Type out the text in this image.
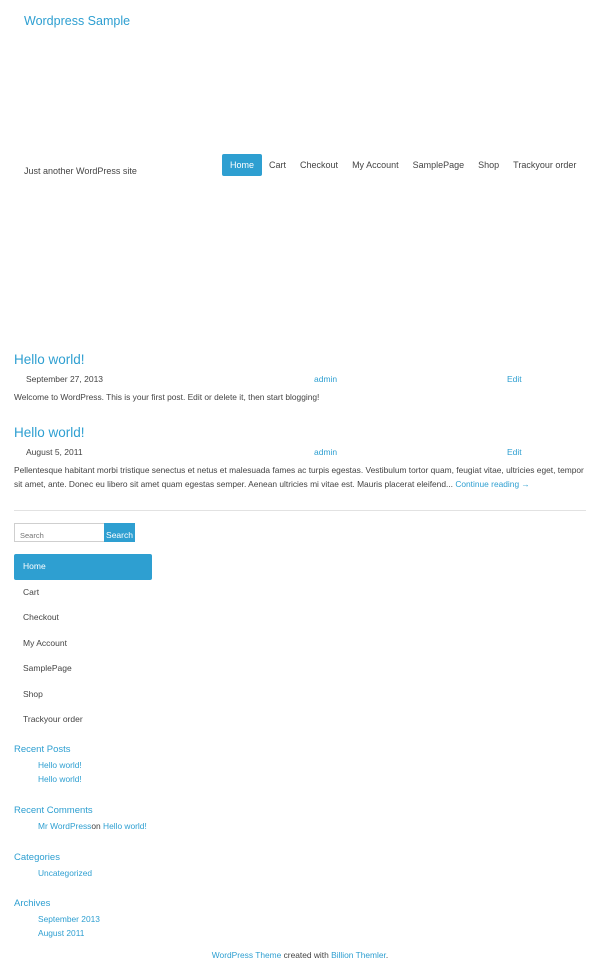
Wordpress Sample
Just another WordPress site
Home	Cart	Checkout	My Account	SamplePage	Shop	Trackyour order
Hello world!
September 27, 2013	admin	Edit

Welcome to WordPress. This is your first post. Edit or delete it, then start blogging!

Hello world!
August 5, 2011	admin	Edit

Pellentesque habitant morbi tristique senectus et netus et malesuada fames ac turpis egestas. Vestibulum tortor quam, feugiat vitae, ultricies eget, tempor sit amet, ante. Donec eu libero sit amet quam egestas semper. Aenean ultricies mi vitae est. Mauris placerat eleifend... Continue reading →

Search
Search
Home
Cart
Checkout
My Account
SamplePage
Shop
Trackyour order
Recent Posts
Hello world!
Hello world!
Recent Comments
Mr WordPresson Hello world!
Categories
Uncategorized
Archives
September 2013
August 2011
WordPress Theme created with Billion Themler.
